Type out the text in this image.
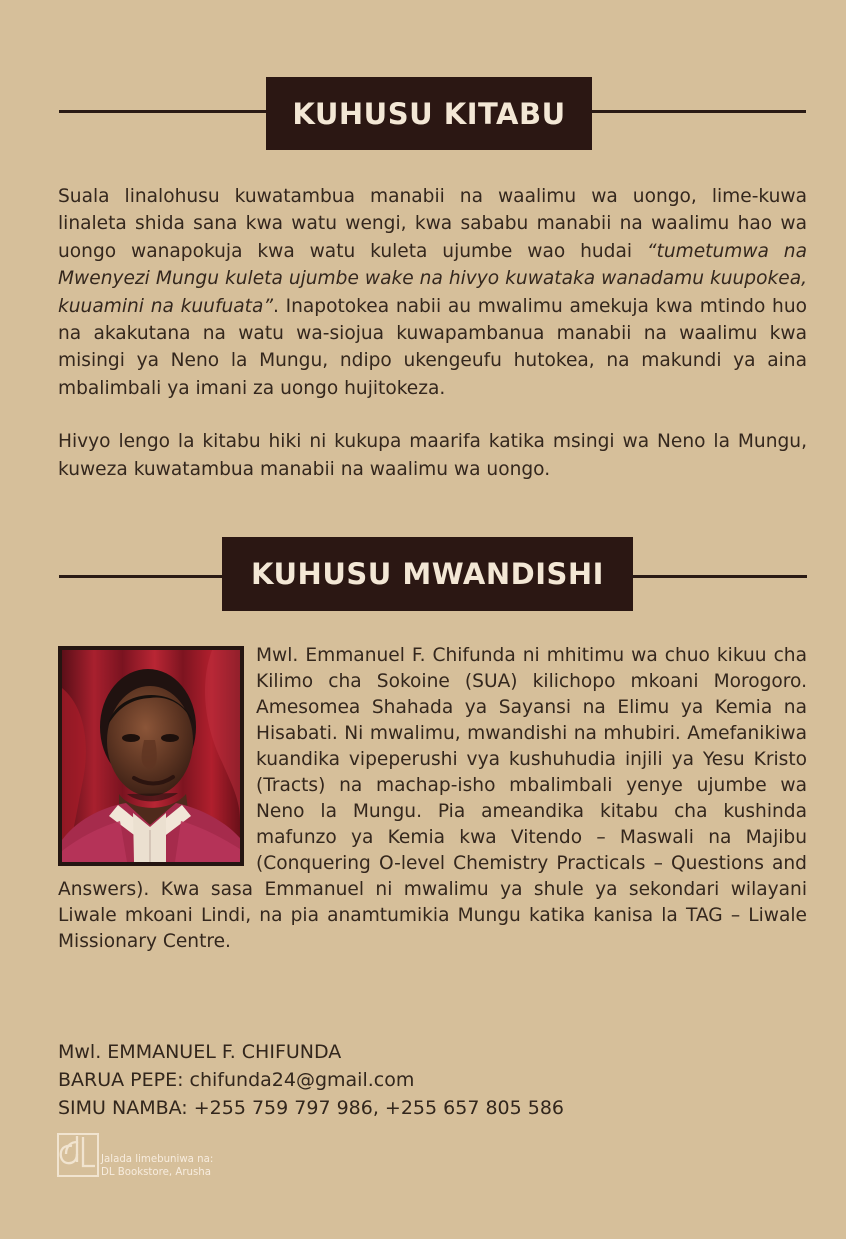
KUHUSU KITABU

Suala linalohusu kuwatambua manabii na waalimu wa uongo, lime-kuwa linaleta shida sana kwa watu wengi, kwa sababu manabii na waalimu hao wa uongo wanapokuja kwa watu kuleta ujumbe wao hudai “tumetumwa na Mwenyezi Mungu kuleta ujumbe wake na hivyo kuwataka wanadamu kuupokea, kuuamini na kuufuata”. Inapotokea nabii au mwalimu amekuja kwa mtindo huo na akakutana na watu wa-siojua kuwapambanua manabii na waalimu kwa misingi ya Neno la Mungu, ndipo ukengeufu hutokea, na makundi ya aina mbalimbali ya imani za uongo hujitokeza.

Hivyo lengo la kitabu hiki ni kukupa maarifa katika msingi wa Neno la Mungu, kuweza kuwatambua manabii na waalimu wa uongo.

KUHUSU MWANDISHI
Mwl. Emmanuel F. Chifunda ni mhitimu wa chuo kikuu cha Kilimo cha Sokoine (SUA) kilichopo mkoani Morogoro. Amesomea Shahada ya Sayansi na Elimu ya Kemia na Hisabati. Ni mwalimu, mwandishi na mhubiri. Amefanikiwa kuandika vipeperushi vya kushuhudia injili ya Yesu Kristo (Tracts) na machap-isho mbalimbali yenye ujumbe wa Neno la Mungu. Pia ameandika kitabu cha kushinda mafunzo ya Kemia kwa Vitendo – Maswali na Majibu (Conquering O-level Chemistry Practicals – Questions and Answers). Kwa sasa Emmanuel ni mwalimu ya shule ya sekondari wilayani Liwale mkoani Lindi, na pia anamtumikia Mungu katika kanisa la TAG – Liwale Missionary Centre.
Mwl. EMMANUEL F. CHIFUNDA
BARUA PEPE: chifunda24@gmail.com
SIMU NAMBA: +255 759 797 986, +255 657 805 586
Jalada limebuniwa na:
DL Bookstore, Arusha
